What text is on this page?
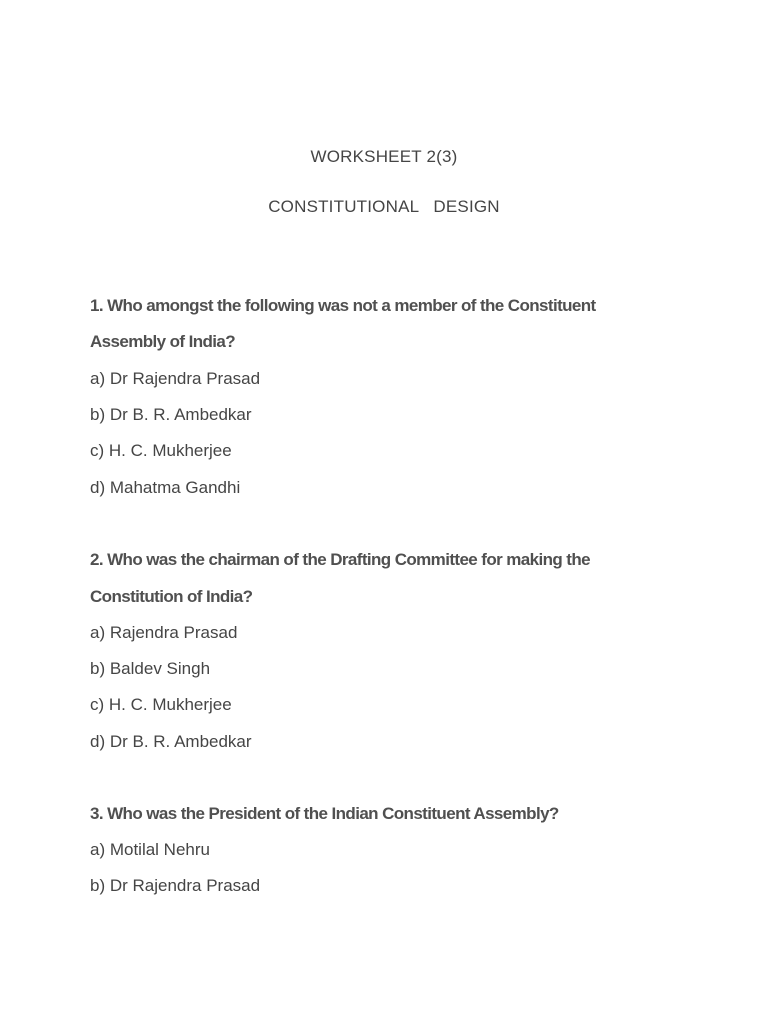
WORKSHEET 2(3)
CONSTITUTIONAL   DESIGN
1. Who amongst the following was not a member of the Constituent
Assembly of India?
a) Dr Rajendra Prasad
b) Dr B. R. Ambedkar
c) H. C. Mukherjee
d) Mahatma Gandhi
2. Who was the chairman of the Drafting Committee for making the
Constitution of India?
a) Rajendra Prasad
b) Baldev Singh
c) H. C. Mukherjee
d) Dr B. R. Ambedkar
3. Who was the President of the Indian Constituent Assembly?
a) Motilal Nehru
b) Dr Rajendra Prasad
